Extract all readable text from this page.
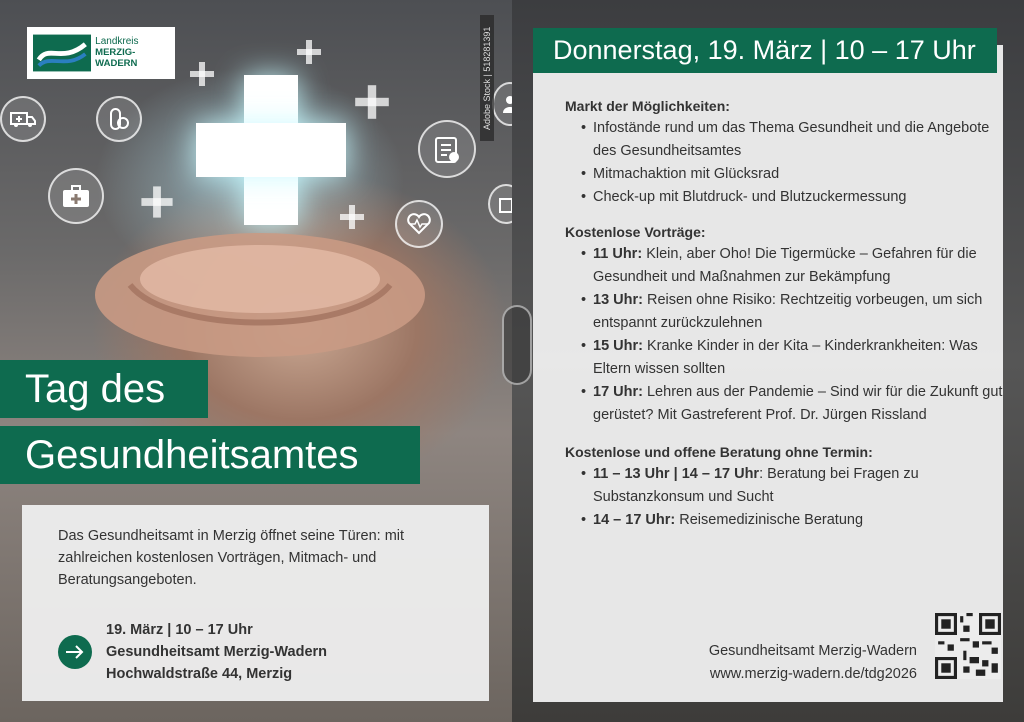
Landkreis
MERZIG-WADERN	Adobe Stock | 518281391
Tag des
Gesundheitsamtes

Das Gesundheitsamt in Merzig öffnet seine Türen: mit zahlreichen kostenlosen Vorträgen, Mitmach- und Beratungsangeboten.

19. März | 10 – 17 Uhr
Gesundheitsamt Merzig-Wadern
Hochwaldstraße 44, Merzig
Donnerstag, 19. März | 10 – 17 Uhr
Markt der Möglichkeiten:
• Infostände rund um das Thema Gesundheit und die Angebote des Gesundheitsamtes
• Mitmachaktion mit Glücksrad
• Check-up mit Blutdruck- und Blutzuckermessung
Kostenlose Vorträge:
• 11 Uhr: Klein, aber Oho! Die Tigermücke – Gefahren für die Gesundheit und Maßnahmen zur Bekämpfung
• 13 Uhr: Reisen ohne Risiko: Rechtzeitig vorbeugen, um sich entspannt zurückzulehnen
• 15 Uhr: Kranke Kinder in der Kita – Kinderkrankheiten: Was Eltern wissen sollten
• 17 Uhr: Lehren aus der Pandemie – Sind wir für die Zukunft gut gerüstet? Mit Gastreferent Prof. Dr. Jürgen Rissland
Kostenlose und offene Beratung ohne Termin:
• 11 – 13 Uhr | 14 – 17 Uhr: Beratung bei Fragen zu Substanzkonsum und Sucht
• 14 – 17 Uhr: Reisemedizinische Beratung
Gesundheitsamt Merzig-Wadern
www.merzig-wadern.de/tdg2026
